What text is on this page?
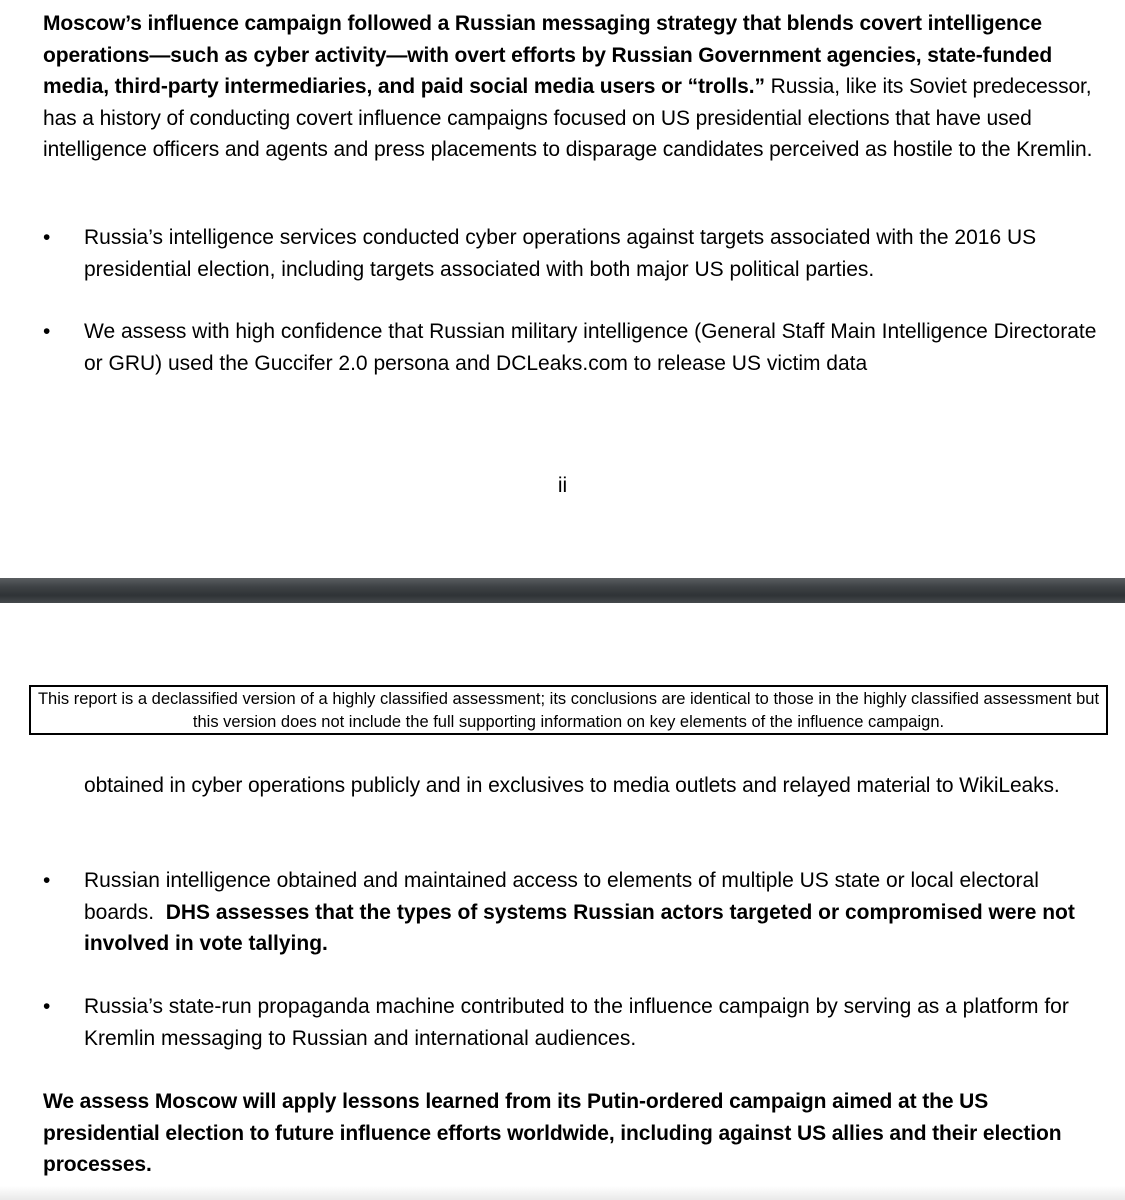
Moscow’s influence campaign followed a Russian messaging strategy that blends covert intelligence operations—such as cyber activity—with overt efforts by Russian Government agencies, state-funded media, third-party intermediaries, and paid social media users or “trolls.” Russia, like its Soviet predecessor, has a history of conducting covert influence campaigns focused on US presidential elections that have used intelligence officers and agents and press placements to disparage candidates perceived as hostile to the Kremlin.
•	Russia’s intelligence services conducted cyber operations against targets associated with the 2016 US presidential election, including targets associated with both major US political parties.
•	We assess with high confidence that Russian military intelligence (General Staff Main Intelligence Directorate or GRU) used the Guccifer 2.0 persona and DCLeaks.com to release US victim data
ii
This report is a declassified version of a highly classified assessment; its conclusions are identical to those in the highly classified assessment but this version does not include the full supporting information on key elements of the influence campaign.
obtained in cyber operations publicly and in exclusives to media outlets and relayed material to WikiLeaks.
•	Russian intelligence obtained and maintained access to elements of multiple US state or local electoral boards. DHS assesses that the types of systems Russian actors targeted or compromised were not involved in vote tallying.
•	Russia’s state-run propaganda machine contributed to the influence campaign by serving as a platform for Kremlin messaging to Russian and international audiences.
We assess Moscow will apply lessons learned from its Putin-ordered campaign aimed at the US presidential election to future influence efforts worldwide, including against US allies and their election processes.
